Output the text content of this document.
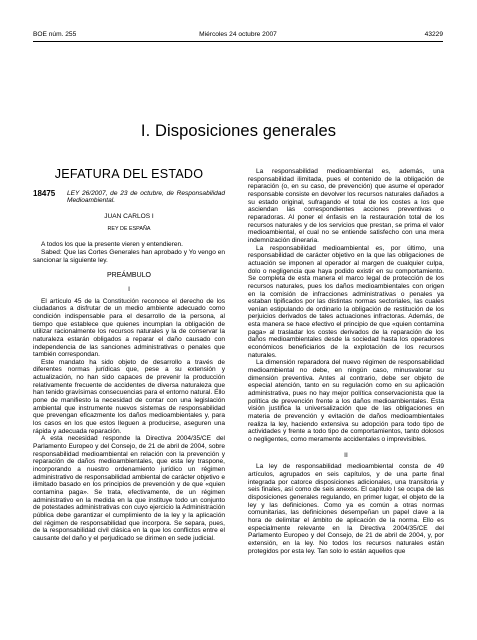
BOE núm. 255	Miércoles 24 octubre 2007	43229
I. Disposiciones generales
JEFATURA DEL ESTADO
18475	LEY 26/2007, de 23 de octubre, de Responsabilidad Medioambiental.
JUAN CARLOS I
REY DE ESPAÑA

A todos los que la presente vieren y entendieren.

Sabed: Que las Cortes Generales han aprobado y Yo vengo en sancionar la siguiente ley.

PREÁMBULO
I

El artículo 45 de la Constitución reconoce el derecho de los ciudadanos a disfrutar de un medio ambiente adecuado como condición indispensable para el desarrollo de la persona, al tiempo que establece que quienes incumplan la obligación de utilizar racionalmente los recursos naturales y la de conservar la naturaleza estarán obligados a reparar el daño causado con independencia de las sanciones administrativas o penales que también correspondan.

Este mandato ha sido objeto de desarrollo a través de diferentes normas jurídicas que, pese a su extensión y actualización, no han sido capaces de prevenir la producción relativamente frecuente de accidentes de diversa naturaleza que han tenido gravísimas consecuencias para el entorno natural. Ello pone de manifiesto la necesidad de contar con una legislación ambiental que instrumente nuevos sistemas de responsabilidad que prevengan eficazmente los daños medioambientales y, para los casos en los que estos lleguen a producirse, aseguren una rápida y adecuada reparación.

A esta necesidad responde la Directiva 2004/35/CE del Parlamento Europeo y del Consejo, de 21 de abril de 2004, sobre responsabilidad medioambiental en relación con la prevención y reparación de daños medioambientales, que esta ley traspone, incorporando a nuestro ordenamiento jurídico un régimen administrativo de responsabilidad ambiental de carácter objetivo e ilimitado basado en los principios de prevención y de que «quien contamina paga». Se trata, efectivamente, de un régimen administrativo en la medida en la que instituye todo un conjunto de potestades administrativas con cuyo ejercicio la Administración pública debe garantizar el cumplimiento de la ley y la aplicación del régimen de responsabilidad que incorpora. Se separa, pues, de la responsabilidad civil clásica en la que los conflictos entre el causante del daño y el perjudicado se dirimen en sede judicial.

La responsabilidad medioambiental es, además, una responsabilidad ilimitada, pues el contenido de la obligación de reparación (o, en su caso, de prevención) que asume el operador responsable consiste en devolver los recursos naturales dañados a su estado original, sufragando el total de los costes a los que asciendan las correspondientes acciones preventivas o reparadoras. Al poner el énfasis en la restauración total de los recursos naturales y de los servicios que prestan, se prima el valor medioambiental, el cual no se entiende satisfecho con una mera indemnización dineraria.

La responsabilidad medioambiental es, por último, una responsabilidad de carácter objetivo en la que las obligaciones de actuación se imponen al operador al margen de cualquier culpa, dolo o negligencia que haya podido existir en su comportamiento. Se completa de esta manera el marco legal de protección de los recursos naturales, pues los daños medioambientales con origen en la comisión de infracciones administrativas o penales ya estaban tipificados por las distintas normas sectoriales, las cuales venían estipulando de ordinario la obligación de restitución de los perjuicios derivados de tales actuaciones infractoras. Además, de esta manera se hace efectivo el principio de que «quien contamina paga» al trasladar los costes derivados de la reparación de los daños medioambientales desde la sociedad hasta los operadores económicos beneficiarios de la explotación de los recursos naturales.

La dimensión reparadora del nuevo régimen de responsabilidad medioambiental no debe, en ningún caso, minusvalorar su dimensión preventiva. Antes al contrario, debe ser objeto de especial atención, tanto en su regulación como en su aplicación administrativa, pues no hay mejor política conservacionista que la política de prevención frente a los daños medioambientales. Esta visión justifica la universalización que de las obligaciones en materia de prevención y evitación de daños medioambientales realiza la ley, haciendo extensiva su adopción para todo tipo de actividades y frente a todo tipo de comportamientos, tanto dolosos o negligentes, como meramente accidentales o imprevisibles.

II

La ley de responsabilidad medioambiental consta de 49 artículos, agrupados en seis capítulos, y de una parte final integrada por catorce disposiciones adicionales, una transitoria y seis finales, así como de seis anexos. El capítulo I se ocupa de las disposiciones generales regulando, en primer lugar, el objeto de la ley y las definiciones. Como ya es común a otras normas comunitarias, las definiciones desempeñan un papel clave a la hora de delimitar el ámbito de aplicación de la norma. Ello es especialmente relevante en la Directiva 2004/35/CE del Parlamento Europeo y del Consejo, de 21 de abril de 2004, y, por extensión, en la ley. No todos los recursos naturales están protegidos por esta ley. Tan solo lo están aquellos que
